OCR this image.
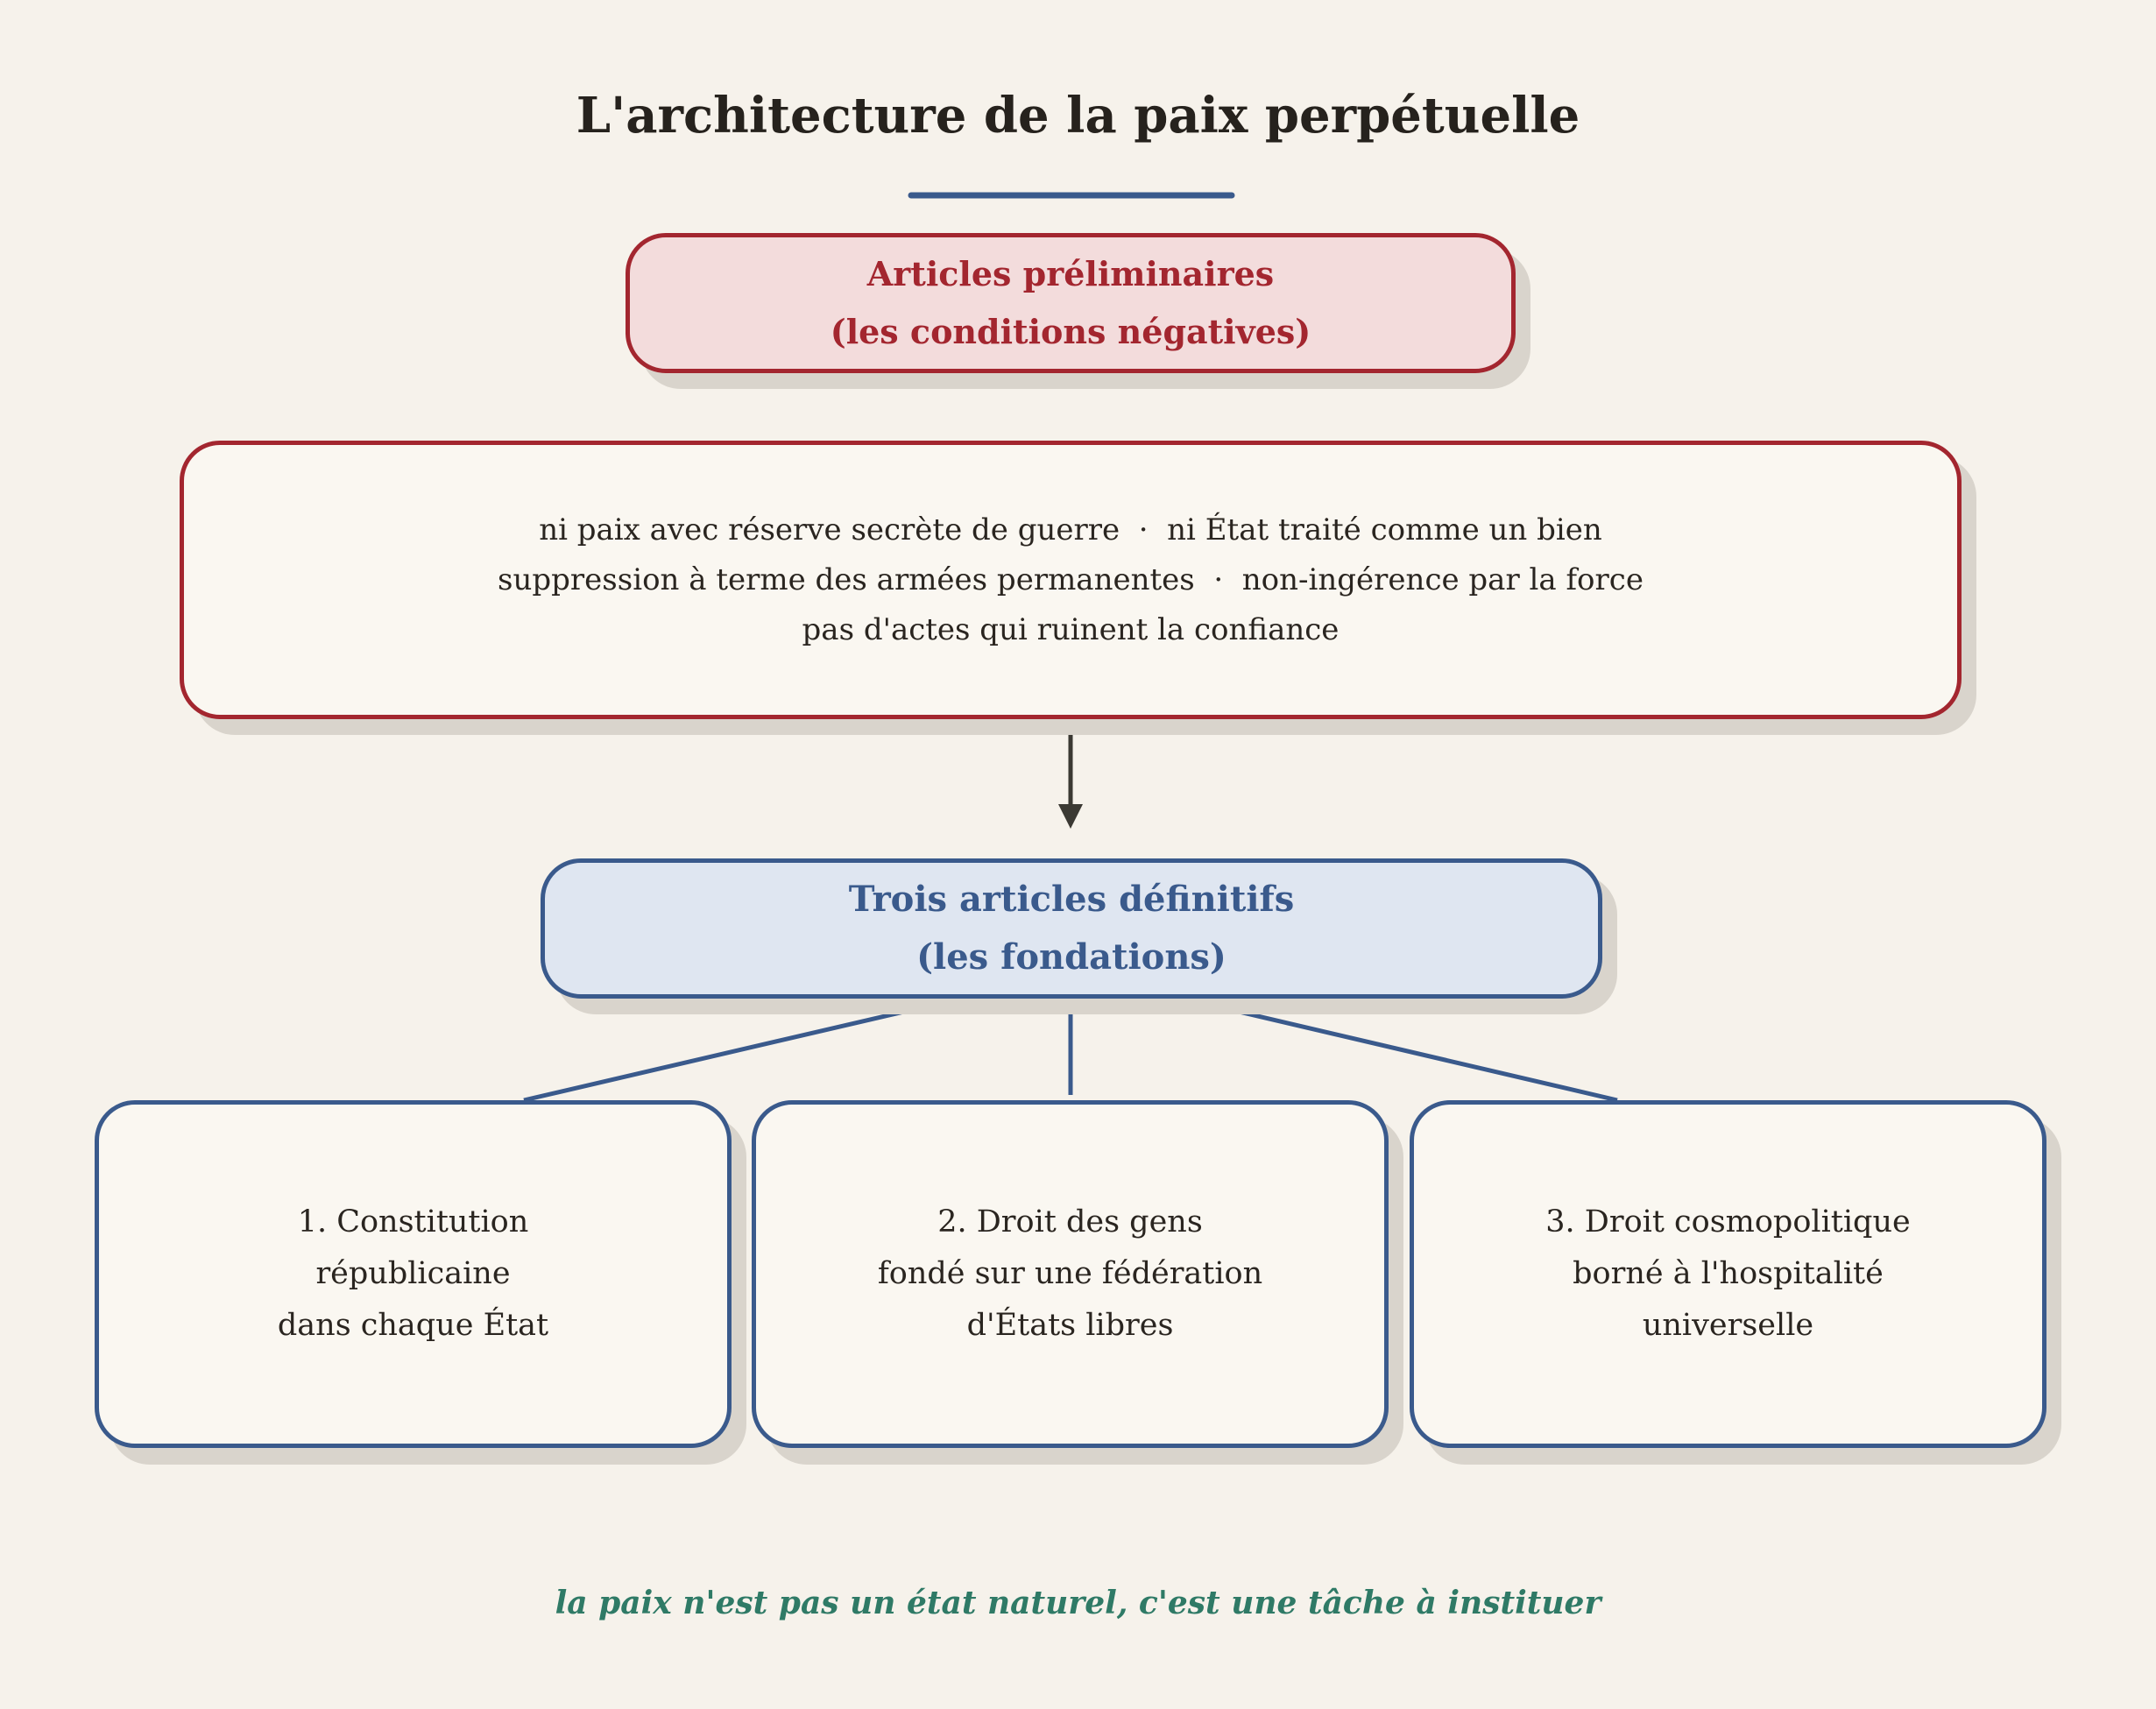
L'architecture de la paix perpétuelle
Articles préliminaires
(les conditions négatives)
ni paix avec réserve secrète de guerre  ·  ni État traité comme un bien
suppression à terme des armées permanentes  ·  non-ingérence par la force
pas d'actes qui ruinent la confiance
Trois articles définitifs
(les fondations)
1. Constitution
républicaine
dans chaque État
2. Droit des gens
fondé sur une fédération
d'États libres
3. Droit cosmopolitique
borné à l'hospitalité
universelle
la paix n'est pas un état naturel, c'est une tâche à instituer
